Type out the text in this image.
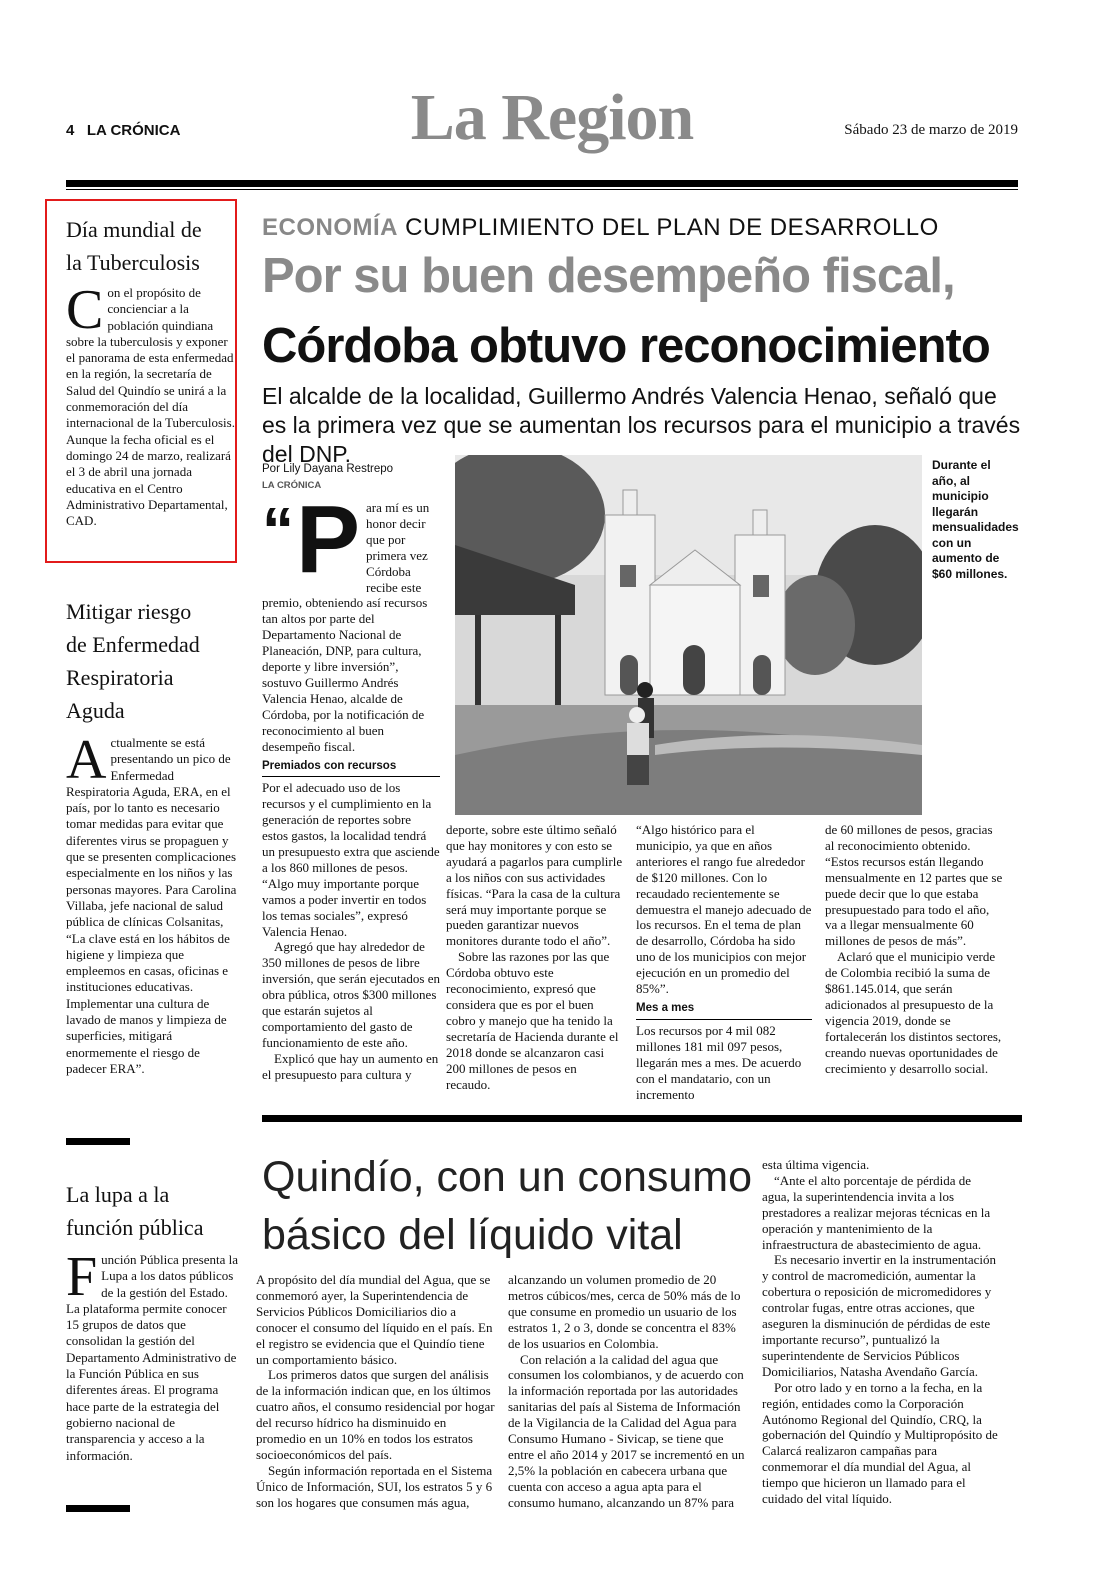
4 LA CRÓNICA	La Region	Sábado 23 de marzo de 2019
Día mundial de
la Tuberculosis
C on el propósito de concienciar a la población quindiana sobre la tuberculosis y exponer el panorama de esta enfermedad en la región, la secretaría de Salud del Quindío se unirá a la conmemoración del día internacional de la Tuberculosis. Aunque la fecha oficial es el domingo 24 de marzo, realizará el 3 de abril una jornada educativa en el Centro Administrativo Departamental, CAD.
Mitigar riesgo
de Enfermedad
Respiratoria
Aguda
A ctualmente se está presentando un pico de Enfermedad Respiratoria Aguda, ERA, en el país, por lo tanto es necesario tomar medidas para evitar que diferentes virus se propaguen y que se presenten complicaciones especialmente en los niños y las personas mayores. Para Carolina Villaba, jefe nacional de salud pública de clínicas Colsanitas, “La clave está en los hábitos de higiene y limpieza que empleemos en casas, oficinas e instituciones educativas. Implementar una cultura de lavado de manos y limpieza de superficies, mitigará enormemente el riesgo de padecer ERA”.
La lupa a la
función pública
F unción Pública presenta la Lupa a los datos públicos de la gestión del Estado. La plataforma permite conocer 15 grupos de datos que consolidan la gestión del Departamento Administrativo de la Función Pública en sus diferentes áreas. El programa hace parte de la estrategia del gobierno nacional de transparencia y acceso a la información.
ECONOMÍA CUMPLIMIENTO DEL PLAN DE DESARROLLO
Por su buen desempeño fiscal,
Córdoba obtuvo reconocimiento
El alcalde de la localidad, Guillermo Andrés Valencia Henao, señaló que es la primera vez que se aumentan los recursos para el municipio a través del DNP.
Por Lily Dayana Restrepo
LA CRÓNICA
“ P ara mí es un honor decir que por primera vez Córdoba recibe este premio, obteniendo así recursos tan altos por parte del Departamento Nacional de Planeación, DNP, para cultura, deporte y libre inversión”, sostuvo Guillermo Andrés Valencia Henao, alcalde de Córdoba, por la notificación de reconocimiento al buen desempeño fiscal.
Premiados con recursos

Por el adecuado uso de los recursos y el cumplimiento en la generación de reportes sobre estos gastos, la localidad tendrá un presupuesto extra que asciende a los 860 millones de pesos. “Algo muy importante porque vamos a poder invertir en todos los temas sociales”, expresó Valencia Henao.

Agregó que hay alrededor de 350 millones de pesos de libre inversión, que serán ejecutados en obra pública, otros $300 millones que estarán sujetos al comportamiento del gasto de funcionamiento de este año.

Explicó que hay un aumento en el presupuesto para cultura y

Durante el año, al municipio llegarán mensualidades con un aumento de $60 millones.

deporte, sobre este último señaló que hay monitores y con esto se ayudará a pagarlos para cumplirle a los niños con sus actividades físicas. “Para la casa de la cultura será muy importante porque se pueden garantizar nuevos monitores durante todo el año”.

Sobre las razones por las que Córdoba obtuvo este reconocimiento, expresó que considera que es por el buen cobro y manejo que ha tenido la secretaría de Hacienda durante el 2018 donde se alcanzaron casi 200 millones de pesos en recaudo.

“Algo histórico para el municipio, ya que en años anteriores el rango fue alrededor de $120 millones. Con lo recaudado recientemente se demuestra el manejo adecuado de los recursos. En el tema de plan de desarrollo, Córdoba ha sido uno de los municipios con mejor ejecución en un promedio del 85%”.

Mes a mes

Los recursos por 4 mil 082 millones 181 mil 097 pesos, llegarán mes a mes. De acuerdo con el mandatario, con un incremento

de 60 millones de pesos, gracias al reconocimiento obtenido. “Estos recursos están llegando mensualmente en 12 partes que se puede decir que lo que estaba presupuestado para todo el año, va a llegar mensualmente 60 millones de pesos de más”.

Aclaró que el municipio verde de Colombia recibió la suma de $861.145.014, que serán adicionados al presupuesto de la vigencia 2019, donde se fortalecerán los distintos sectores, creando nuevas oportunidades de crecimiento y desarrollo social.

Quindío, con un consumo
básico del líquido vital

A propósito del día mundial del Agua, que se conmemoró ayer, la Superintendencia de Servicios Públicos Domiciliarios dio a conocer el consumo del líquido en el país. En el registro se evidencia que el Quindío tiene un comportamiento básico.

Los primeros datos que surgen del análisis de la información indican que, en los últimos cuatro años, el consumo residencial por hogar del recurso hídrico ha disminuido en promedio en un 10% en todos los estratos socioeconómicos del país.

Según información reportada en el Sistema Único de Información, SUI, los estratos 5 y 6 son los hogares que consumen más agua,

alcanzando un volumen promedio de 20 metros cúbicos/mes, cerca de 50% más de lo que consume en promedio un usuario de los estratos 1, 2 o 3, donde se concentra el 83% de los usuarios en Colombia.

Con relación a la calidad del agua que consumen los colombianos, y de acuerdo con la información reportada por las autoridades sanitarias del país al Sistema de Información de la Vigilancia de la Calidad del Agua para Consumo Humano - Sivicap, se tiene que entre el año 2014 y 2017 se incrementó en un 2,5% la población en cabecera urbana que cuenta con acceso a agua apta para el consumo humano, alcanzando un 87% para

esta última vigencia.

“Ante el alto porcentaje de pérdida de agua, la superintendencia invita a los prestadores a realizar mejoras técnicas en la operación y mantenimiento de la infraestructura de abastecimiento de agua.

Es necesario invertir en la instrumentación y control de macromedición, aumentar la cobertura o reposición de micromedidores y controlar fugas, entre otras acciones, que aseguren la disminución de pérdidas de este importante recurso”, puntualizó la superintendente de Servicios Públicos Domiciliarios, Natasha Avendaño García.

Por otro lado y en torno a la fecha, en la región, entidades como la Corporación Autónomo Regional del Quindío, CRQ, la gobernación del Quindío y Multipropósito de Calarcá realizaron campañas para conmemorar el día mundial del Agua, al tiempo que hicieron un llamado para el cuidado del vital líquido.
